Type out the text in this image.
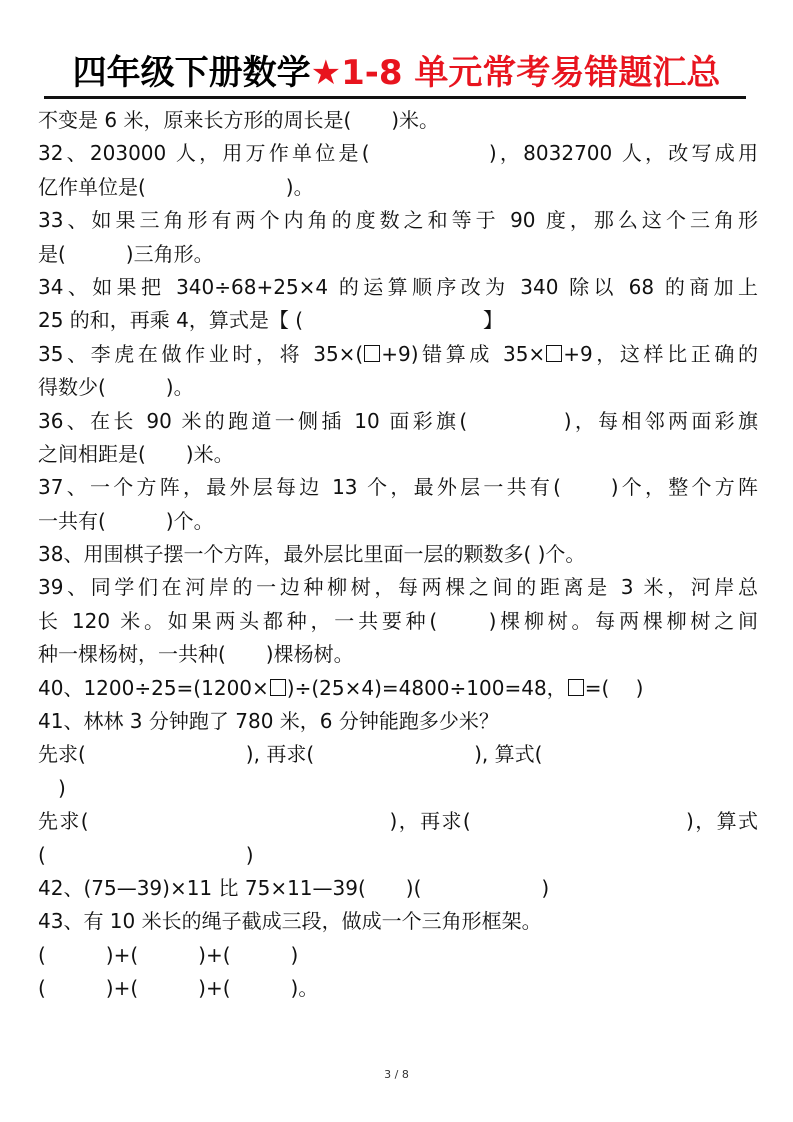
四年级下册数学★1-8 单元常考易错题汇总
不变是 6 米，原来长方形的周长是(　　)米。
32、203000 人，用万作单位是(　　　　　)，8032700 人，改写成用
亿作单位是(　　　　　　　)。
33、如果三角形有两个内角的度数之和等于 90 度，那么这个三角形
是(　　　)三角形。
34、如果把 340÷68+25×4 的运算顺序改为 340 除以 68 的商加上
25 的和，再乘 4，算式是【 (　　　　　　　　　】
35、李虎在做作业时，将 35×( +9)错算成 35× +9，这样比正确的
得数少(　　　)。
36、在长 90 米的跑道一侧插 10 面彩旗(　　　　)，每相邻两面彩旗
之间相距是(　　)米。
37、一个方阵，最外层每边 13 个，最外层一共有(　　)个，整个方阵
一共有(　　　)个。
38、用围棋子摆一个方阵，最外层比里面一层的颗数多( )个。
39、同学们在河岸的一边种柳树，每两棵之间的距离是 3 米，河岸总
长 120 米。如果两头都种，一共要种(　　)棵柳树。每两棵柳树之间
种一棵杨树，一共种(　　)棵杨树。
40、1200÷25=(1200× )÷(25×4)=4800÷100=48， =(　 )
41、林林 3 分钟跑了 780 米，6 分钟能跑多少米？
先求(　　　　　　　　), 再求(　　　　　　　　), 算式(
　)
先求(　　　　　　　　　　　　　　)，再求(　　　　　　　　　　)，算式
(　　　　　　　　　　)
42、(75—39)×11 比 75×11—39(　　)(　　　　　　)
43、有 10 米长的绳子截成三段，做成一个三角形框架。
(　　　)+(　　　)+(　　　)
(　　　)+(　　　)+(　　　)。
3 / 8
